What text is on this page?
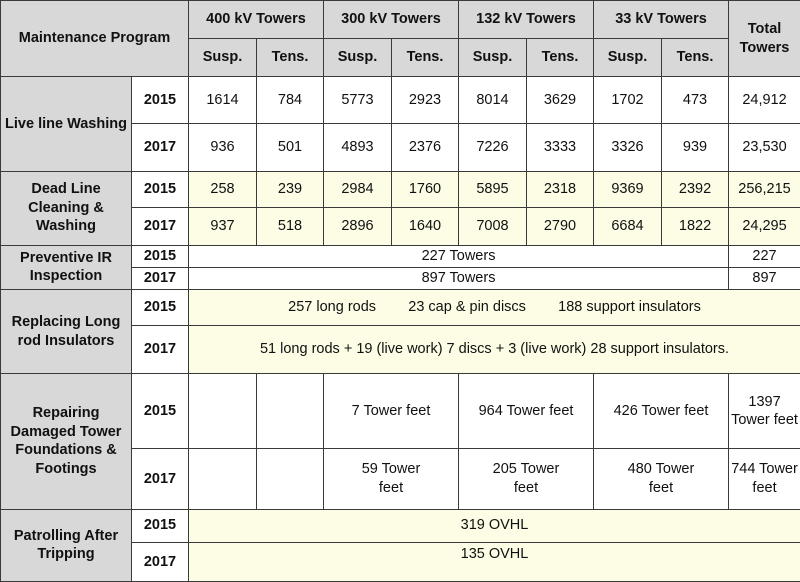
Maintenance Program		400 kV Towers		300 kV Towers		132 kV Towers		33 kV Towers		Total Towers
		Susp.	Tens.	Susp.	Tens.	Susp.	Tens.	Susp.	Tens.	
Live line Washing	2015	1614	784	5773	2923	8014	3629	1702	473	24,912
	2017	936	501	4893	2376	7226	3333	3326	939	23,530
Dead Line Cleaning & Washing	2015	258	239	2984	1760	5895	2318	9369	2392	256,215
	2017	937	518	2896	1640	7008	2790	6684	1822	24,295
Preventive IR Inspection	2015	227 Towers								227
	2017	897 Towers								897
Replacing Long rod Insulators	2015	257 long rods        23 cap & pin discs        188 support insulators								
	2017	51 long rods + 19 (live work) 7 discs + 3 (live work) 28 support insulators.								
Repairing Damaged Tower Foundations & Footings	2015			7 Tower feet		964 Tower feet		426 Tower feet		1397 Tower feet
	2017			59 Tower feet		205 Tower feet		480 Tower feet		744 Tower feet
Patrolling After Tripping	2015	319 OVHL								
	2017	135 OVHL								
